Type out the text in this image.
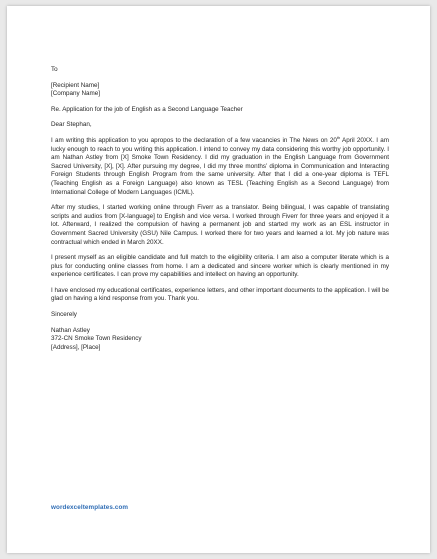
To

[Recipient Name]

[Company Name]

Re. Application for the job of English as a Second Language Teacher

Dear Stephan,

I am writing this application to you apropos to the declaration of a few vacancies in The News on 20th April 20XX. I am lucky enough to reach to you writing this application. I intend to convey my data considering this worthy job opportunity. I am Nathan Astley from [X] Smoke Town Residency. I did my graduation in the English Language from Government Sacred University, [X], [X]. After pursuing my degree, I did my three months’ diploma in Communication and Interacting Foreign Students through English Program from the same university. After that I did a one-year diploma is TEFL (Teaching English as a Foreign Language) also known as TESL (Teaching English as a Second Language) from International College of Modern Languages (ICML).

After my studies, I started working online through Fiverr as a translator. Being bilingual, I was capable of translating scripts and audios from [X-language] to English and vice versa. I worked through Fiverr for three years and enjoyed it a lot. Afterward, I realized the compulsion of having a permanent job and started my work as an ESL instructor in Government Sacred University (GSU) Nile Campus. I worked there for two years and learned a lot. My job nature was contractual which ended in March 20XX.

I present myself as an eligible candidate and full match to the eligibility criteria. I am also a computer literate which is a plus for conducting online classes from home. I am a dedicated and sincere worker which is clearly mentioned in my experience certificates. I can prove my capabilities and intellect on having an opportunity.

I have enclosed my educational certificates, experience letters, and other important documents to the application. I will be glad on having a kind response from you. Thank you.

Sincerely

Nathan Astley

372-CN Smoke Town Residency

[Address], [Place]

wordexceltemplates.com
